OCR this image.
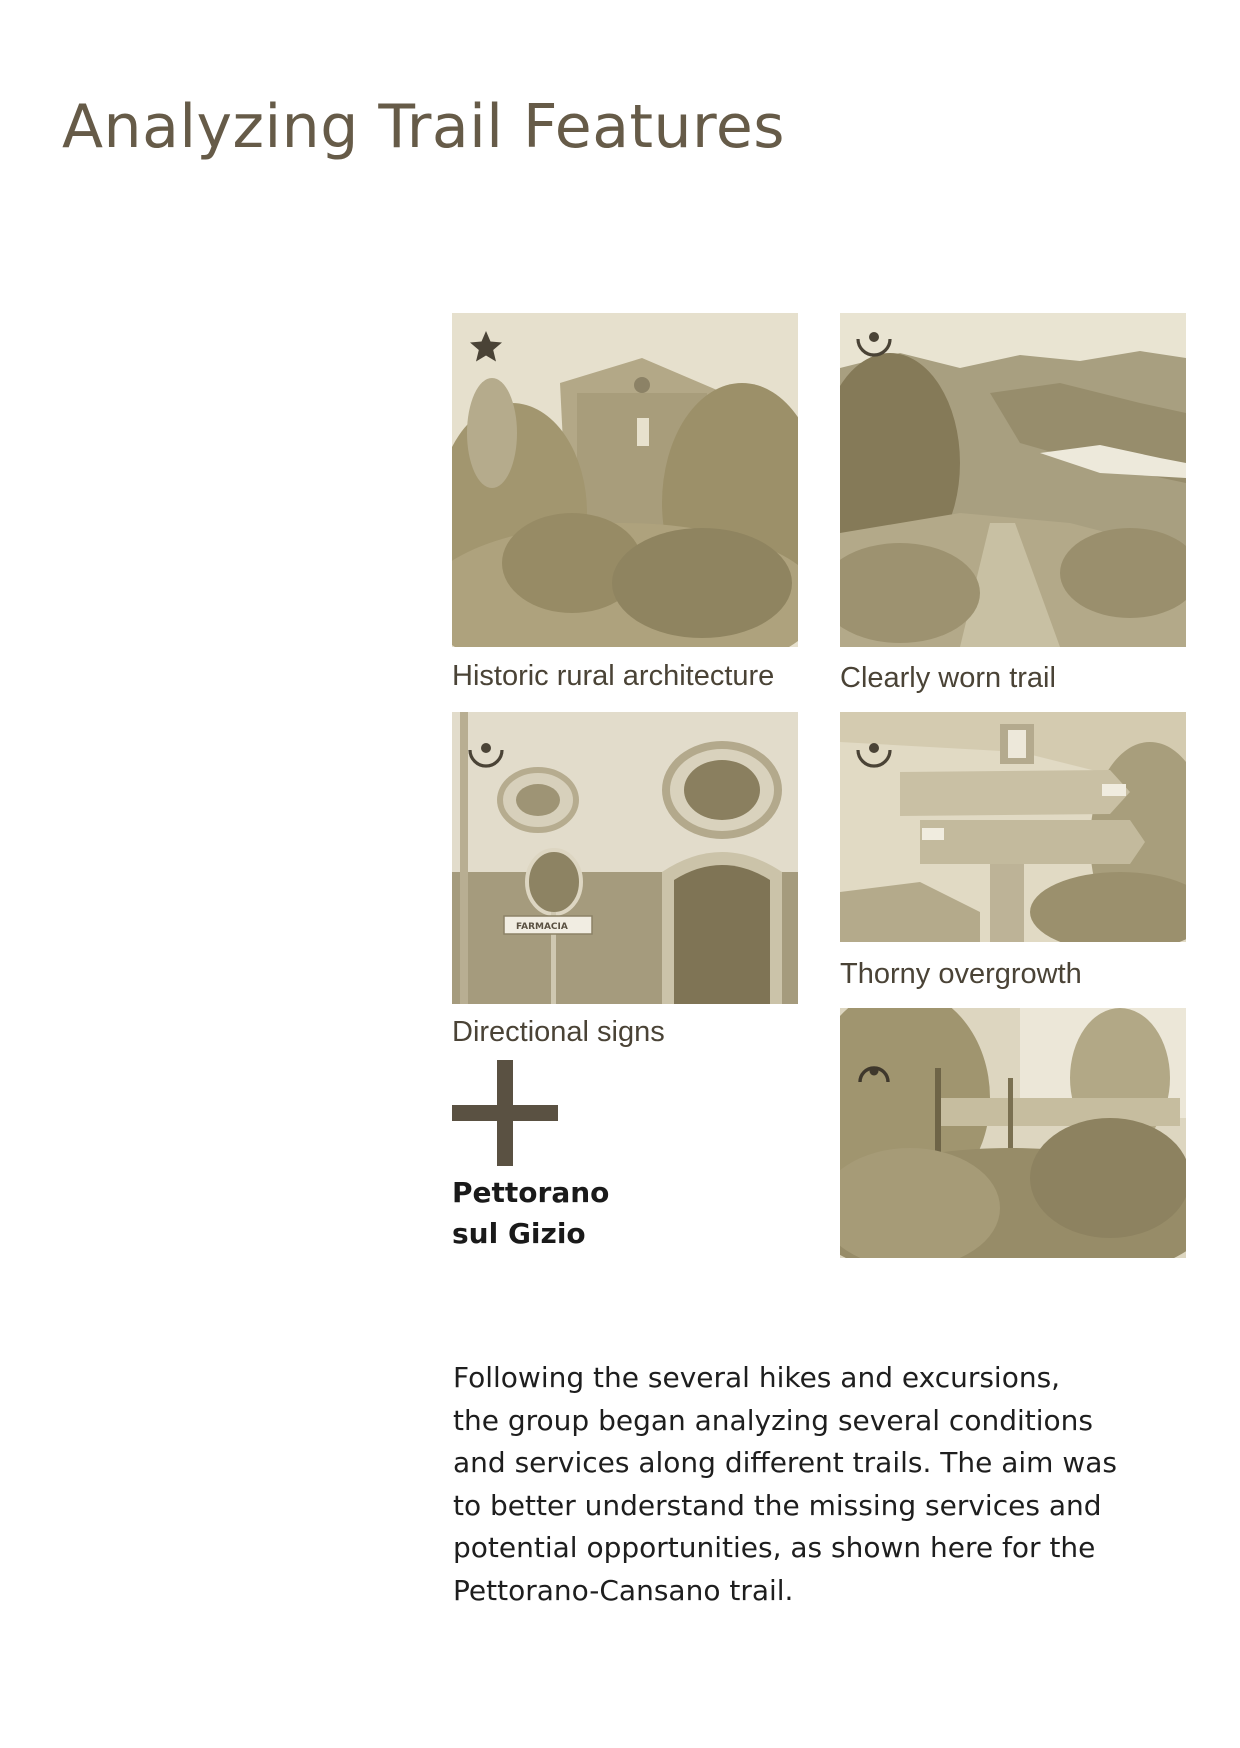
Analyzing Trail Features

Historic rural architecture Clearly worn trail

FARMACIA

Directional signs

Thorny overgrowth

Pettorano
sul Gizio

Following the several hikes and excursions,
the group began analyzing several conditions
and services along different trails. The aim was
to better understand the missing services and
potential opportunities, as shown here for the
Pettorano-Cansano trail.
